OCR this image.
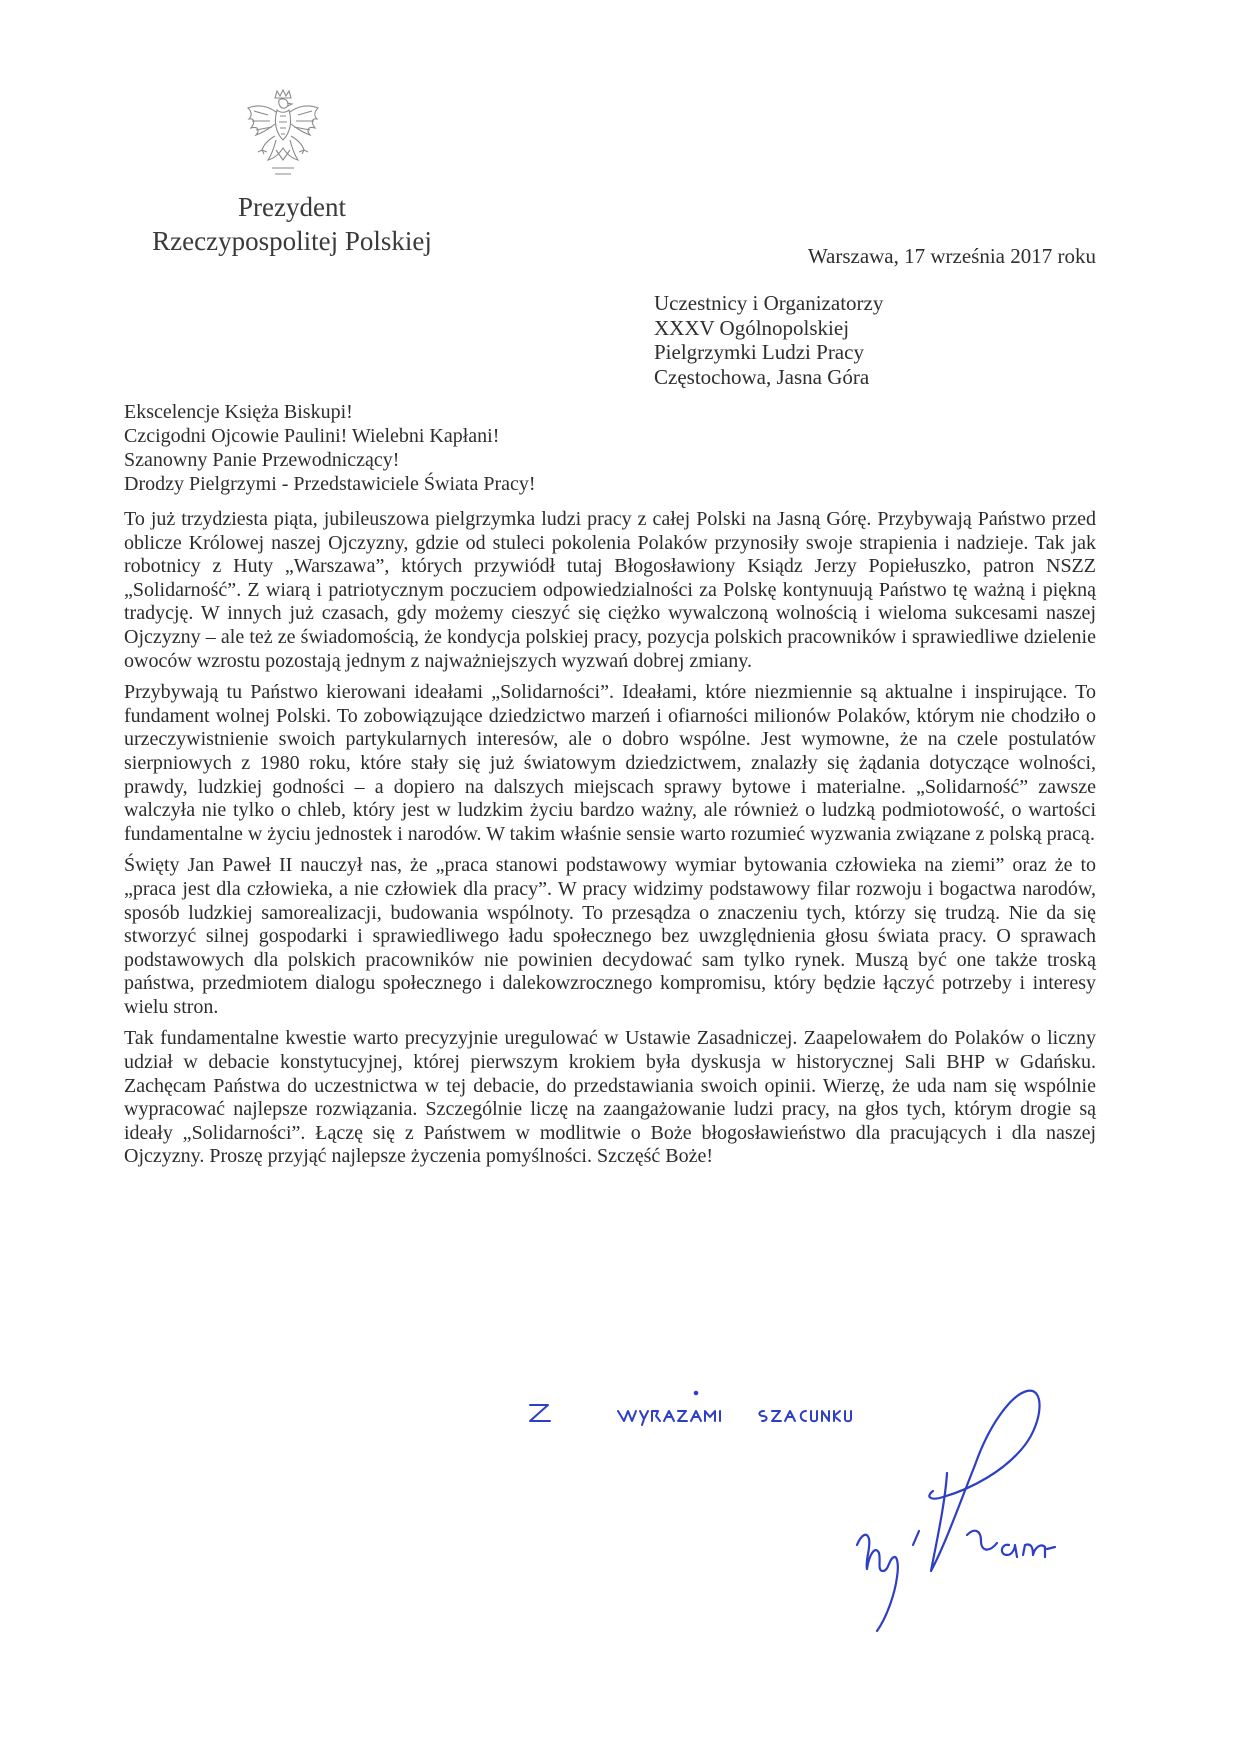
Prezydent
Rzeczypospolitej Polskiej	Warszawa, 17 września 2017 roku
Uczestnicy i Organizatorzy
XXXV Ogólnopolskiej
Pielgrzymki Ludzi Pracy
Częstochowa, Jasna Góra
Ekscelencje Księża Biskupi!
Czcigodni Ojcowie Paulini! Wielebni Kapłani!
Szanowny Panie Przewodniczący!
Drodzy Pielgrzymi - Przedstawiciele Świata Pracy!

To już trzydziesta piąta, jubileuszowa pielgrzymka ludzi pracy z całej Polski na Jasną Górę. Przybywają Państwo przed oblicze Królowej naszej Ojczyzny, gdzie od stuleci pokolenia Polaków przynosiły swoje strapienia i nadzieje. Tak jak robotnicy z Huty „Warszawa”, których przywiódł tutaj Błogosławiony Ksiądz Jerzy Popiełuszko, patron NSZZ „Solidarność”. Z wiarą i patriotycznym poczuciem odpowiedzialności za Polskę kontynuują Państwo tę ważną i piękną tradycję. W innych już czasach, gdy możemy cieszyć się ciężko wywalczoną wolnością i wieloma sukcesami naszej Ojczyzny – ale też ze świadomością, że kondycja polskiej pracy, pozycja polskich pracowników i sprawiedliwe dzielenie owoców wzrostu pozostają jednym z najważniejszych wyzwań dobrej zmiany.

Przybywają tu Państwo kierowani ideałami „Solidarności”. Ideałami, które niezmiennie są aktualne i inspirujące. To fundament wolnej Polski. To zobowiązujące dziedzictwo marzeń i ofiarności milionów Polaków, którym nie chodziło o urzeczywistnienie swoich partykularnych interesów, ale o dobro wspólne. Jest wymowne, że na czele postulatów sierpniowych z 1980 roku, które stały się już światowym dziedzictwem, znalazły się żądania dotyczące wolności, prawdy, ludzkiej godności – a dopiero na dalszych miejscach sprawy bytowe i materialne. „Solidarność” zawsze walczyła nie tylko o chleb, który jest w ludzkim życiu bardzo ważny, ale również o ludzką podmiotowość, o wartości fundamentalne w życiu jednostek i narodów. W takim właśnie sensie warto rozumieć wyzwania związane z polską pracą.

Święty Jan Paweł II nauczył nas, że „praca stanowi podstawowy wymiar bytowania człowieka na ziemi” oraz że to „praca jest dla człowieka, a nie człowiek dla pracy”. W pracy widzimy podstawowy filar rozwoju i bogactwa narodów, sposób ludzkiej samorealizacji, budowania wspólnoty. To przesądza o znaczeniu tych, którzy się trudzą. Nie da się stworzyć silnej gospodarki i sprawiedliwego ładu społecznego bez uwzględnienia głosu świata pracy. O sprawach podstawowych dla polskich pracowników nie powinien decydować sam tylko rynek. Muszą być one także troską państwa, przedmiotem dialogu społecznego i dalekowzrocznego kompromisu, który będzie łączyć potrzeby i interesy wielu stron.

Tak fundamentalne kwestie warto precyzyjnie uregulować w Ustawie Zasadniczej. Zaapelowałem do Polaków o liczny udział w debacie konstytucyjnej, której pierwszym krokiem była dyskusja w historycznej Sali BHP w Gdańsku. Zachęcam Państwa do uczestnictwa w tej debacie, do przedstawiania swoich opinii. Wierzę, że uda nam się wspólnie wypracować najlepsze rozwiązania. Szczególnie liczę na zaangażowanie ludzi pracy, na głos tych, którym drogie są ideały „Solidarności”. Łączę się z Państwem w modlitwie o Boże błogosławieństwo dla pracujących i dla naszej Ojczyzny. Proszę przyjąć najlepsze życzenia pomyślności. Szczęść Boże!
